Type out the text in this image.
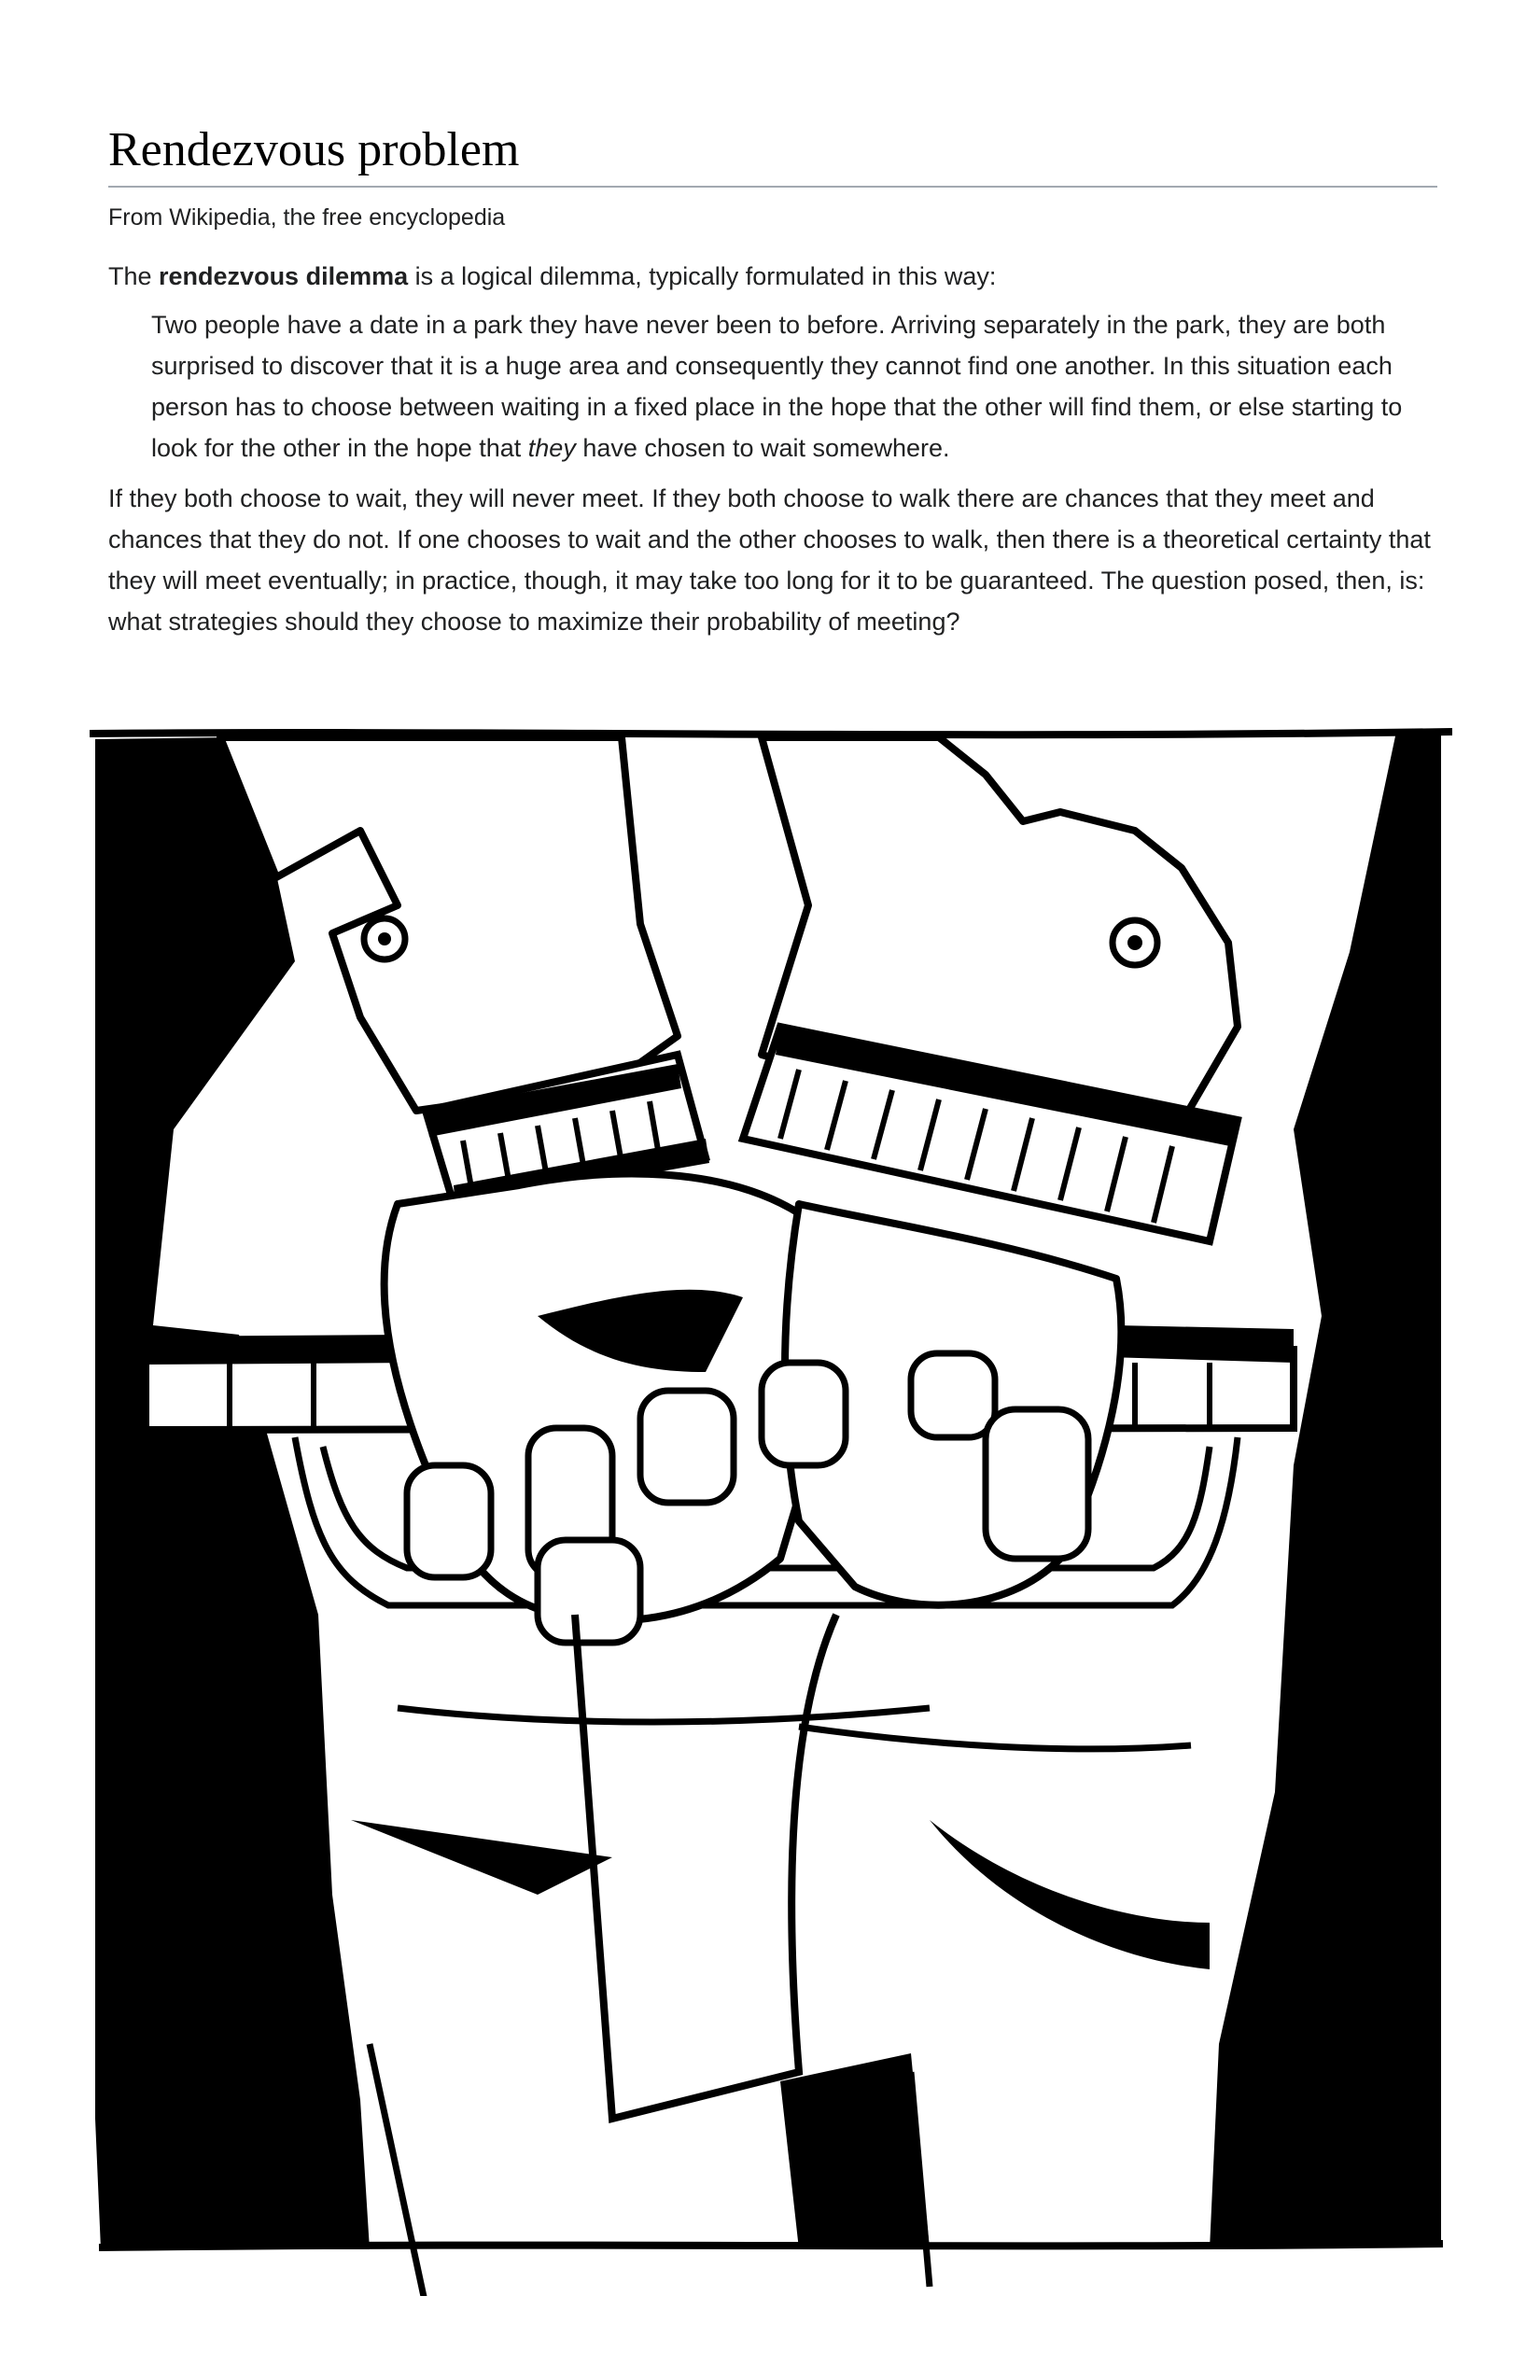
Rendezvous problem
From Wikipedia, the free encyclopedia

The rendezvous dilemma is a logical dilemma, typically formulated in this way:

Two people have a date in a park they have never been to before. Arriving separately in the park, they are both surprised to discover that it is a huge area and consequently they cannot find one another. In this situation each person has to choose between waiting in a fixed place in the hope that the other will find them, or else starting to look for the other in the hope that they have chosen to wait somewhere.

If they both choose to wait, they will never meet. If they both choose to walk there are chances that they meet and chances that they do not. If one chooses to wait and the other chooses to walk, then there is a theoretical certainty that they will meet eventually; in practice, though, it may take too long for it to be guaranteed. The question posed, then, is: what strategies should they choose to maximize their probability of meeting?
